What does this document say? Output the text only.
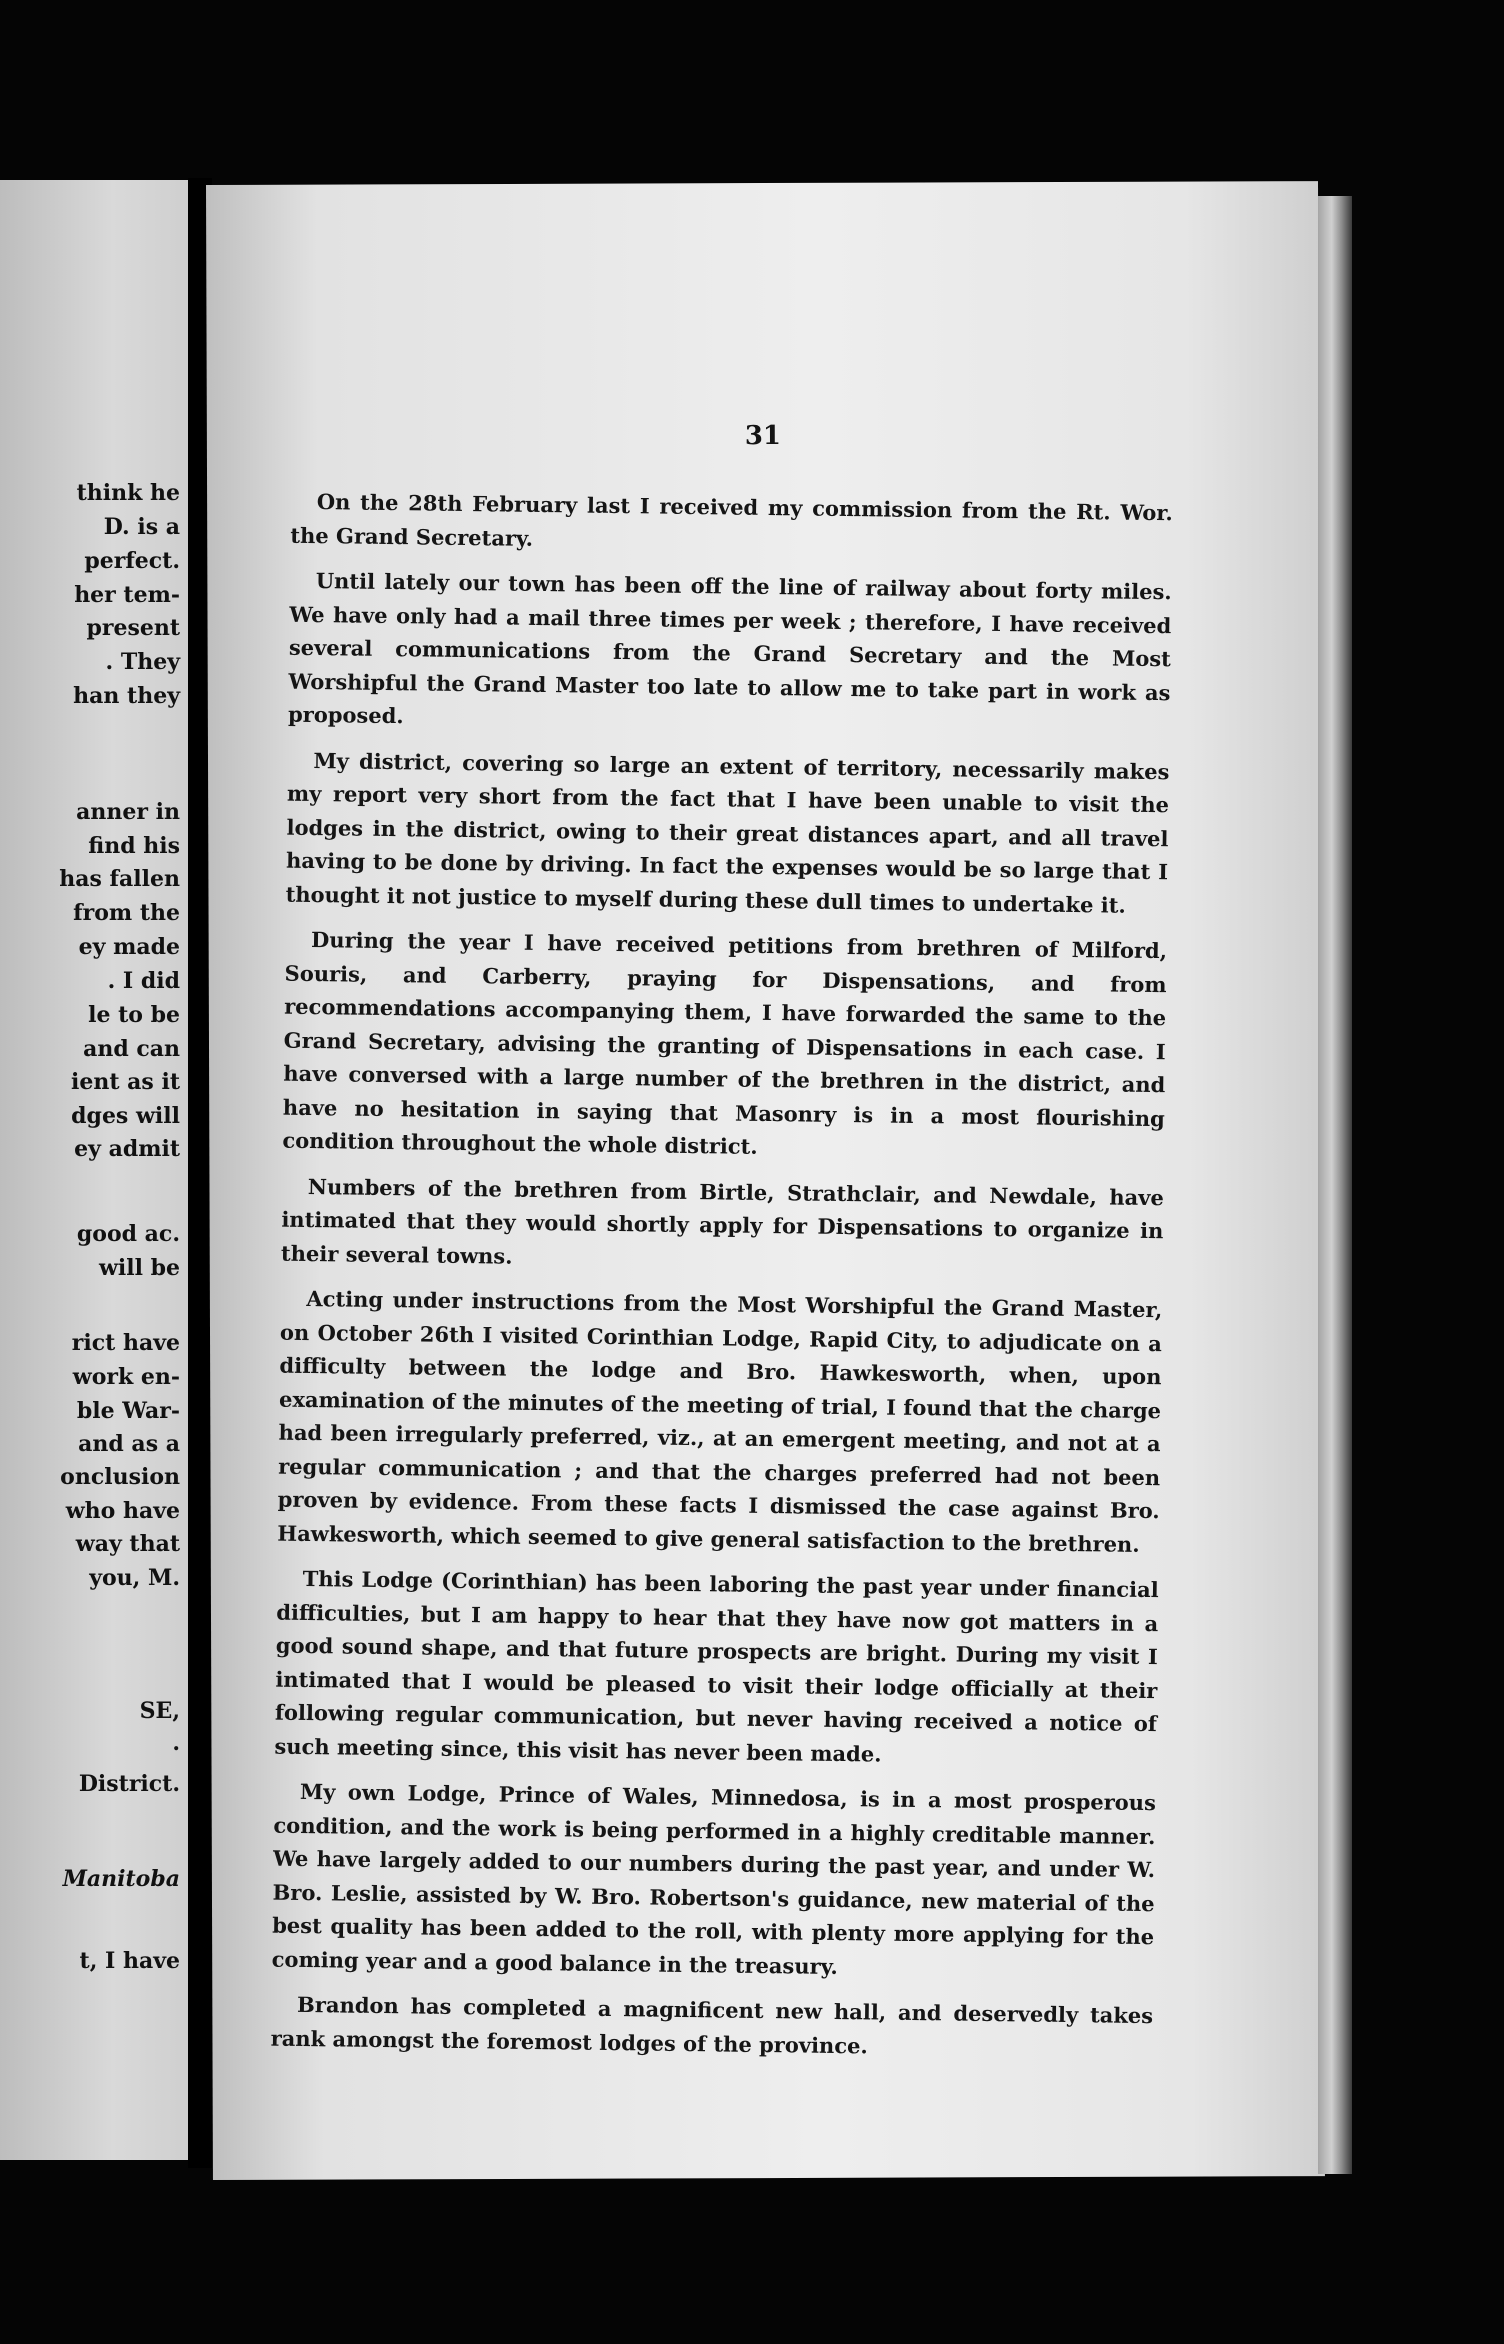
think he
D. is a
perfect.
her tem-
present
. They
han they
anner in
find his
has fallen
from the
ey made
. I did
le to be
and can
ient as it
dges will
ey admit
good ac.
will be
rict have
work en-
ble War-
and as a
onclusion
who have
way that
you, M.
SE,
.
District.
Manitoba
t, I have
31

On the 28th February last I received my commission from the Rt. Wor. the Grand Secretary.

Until lately our town has been off the line of railway about forty miles. We have only had a mail three times per week ; therefore, I have received several communications from the Grand Secretary and the Most Worshipful the Grand Master too late to allow me to take part in work as proposed.

My district, covering so large an extent of territory, necessarily makes my report very short from the fact that I have been unable to visit the lodges in the district, owing to their great distances apart, and all travel having to be done by driving. In fact the expenses would be so large that I thought it not justice to myself during these dull times to undertake it.

During the year I have received petitions from brethren of Milford, Souris, and Carberry, praying for Dispensations, and from recommendations accompanying them, I have forwarded the same to the Grand Secretary, advising the granting of Dispensations in each case. I have conversed with a large number of the brethren in the district, and have no hesitation in saying that Masonry is in a most flourishing condition throughout the whole district.

Numbers of the brethren from Birtle, Strathclair, and Newdale, have intimated that they would shortly apply for Dispensations to organize in their several towns.

Acting under instructions from the Most Worshipful the Grand Master, on October 26th I visited Corinthian Lodge, Rapid City, to adjudicate on a difficulty between the lodge and Bro. Hawkesworth, when, upon examination of the minutes of the meeting of trial, I found that the charge had been irregularly preferred, viz., at an emergent meeting, and not at a regular communication ; and that the charges preferred had not been proven by evidence. From these facts I dismissed the case against Bro. Hawkesworth, which seemed to give general satisfaction to the brethren.

This Lodge (Corinthian) has been laboring the past year under financial difficulties, but I am happy to hear that they have now got matters in a good sound shape, and that future prospects are bright. During my visit I intimated that I would be pleased to visit their lodge officially at their following regular communication, but never having received a notice of such meeting since, this visit has never been made.

My own Lodge, Prince of Wales, Minnedosa, is in a most prosperous condition, and the work is being performed in a highly creditable manner. We have largely added to our numbers during the past year, and under W. Bro. Leslie, assisted by W. Bro. Robertson's guidance, new material of the best quality has been added to the roll, with plenty more applying for the coming year and a good balance in the treasury.

Brandon has completed a magnificent new hall, and deservedly takes rank amongst the foremost lodges of the province.
